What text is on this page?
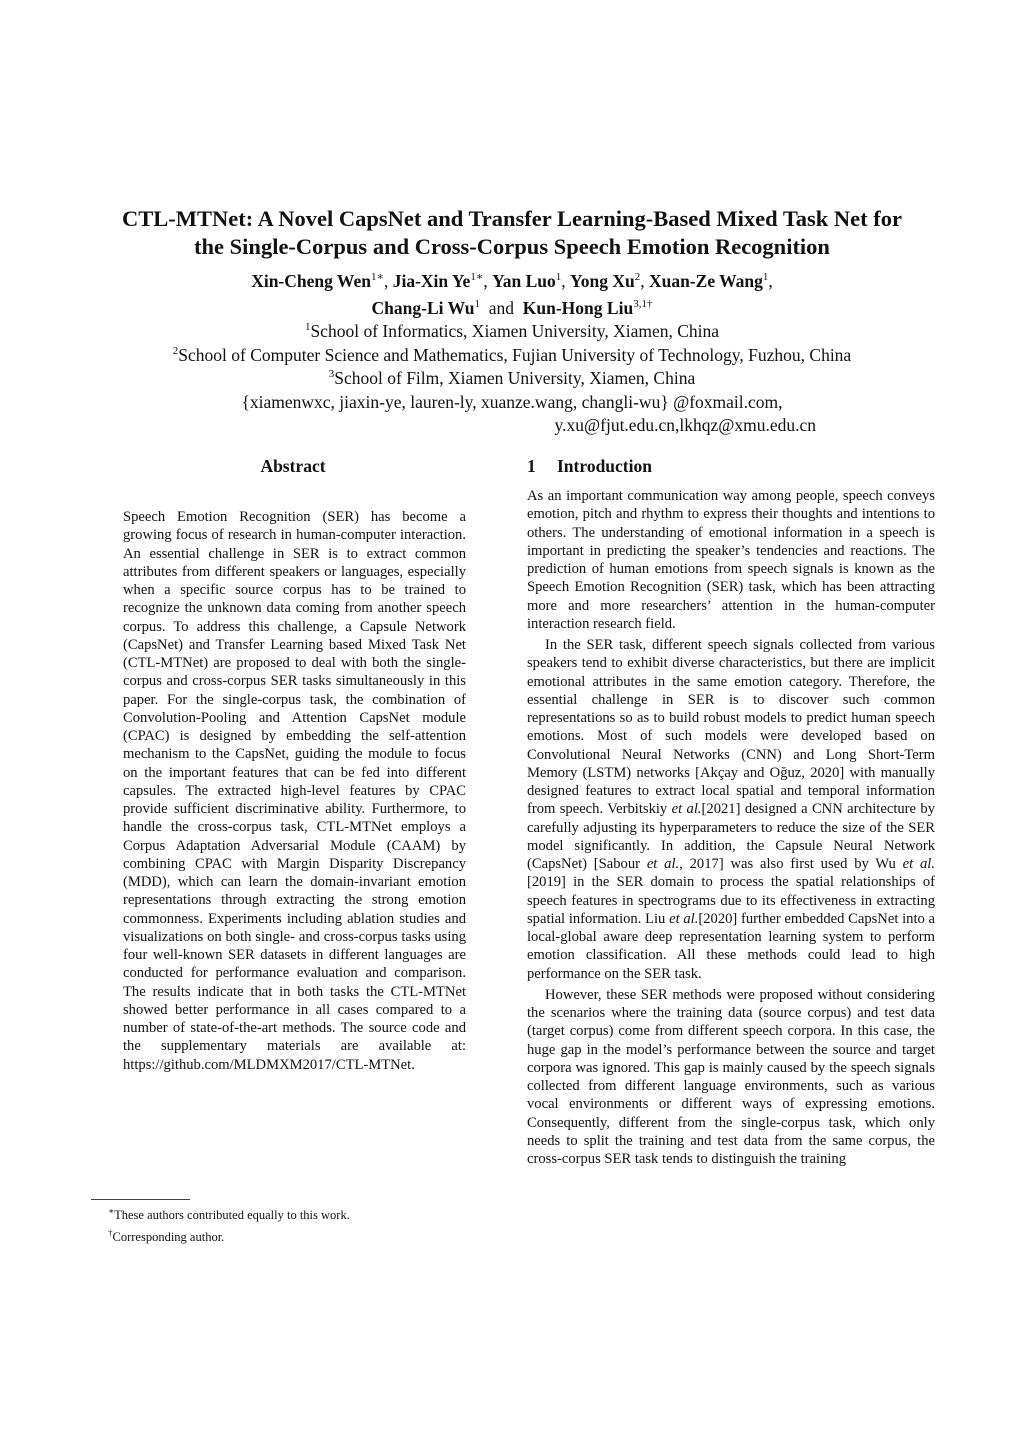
CTL-MTNet: A Novel CapsNet and Transfer Learning-Based Mixed Task Net for
the Single-Corpus and Cross-Corpus Speech Emotion Recognition
Xin-Cheng Wen$^{1∗}$, Jia-Xin $Ye^{1∗}$, Yan Luo$^1$, Yong Xu$^2$, Xuan-Ze Wang$^1$,
Chang-Li Wu$^1$ and Kun-Hong Liu$^{3,1\dagger}$
$^1$School of Informatics, Xiamen University, Xiamen, China
$^2$School of Computer Science and Mathematics, Fujian University of Technology, Fuzhou, China
$^3$School of Film, Xiamen University, Xiamen, China
{xiamenwxc, jiaxin-ye, lauren-ly, xuanze.wang, changli-wu} @foxmail.com,
y.xu@fjut.edu.cn,lkhqz@xmu.edu.cn
Abstract
Speech Emotion Recognition (SER) has become a growing focus of research in human-computer interaction. An essential challenge in SER is to extract common attributes from different speakers or languages, especially when a specific source corpus has to be trained to recognize the unknown data coming from another speech corpus. To address this challenge, a Capsule Network (CapsNet) and Transfer Learning based Mixed Task Net (CTL-MTNet) are proposed to deal with both the single-corpus and cross-corpus SER tasks simultaneously in this paper. For the single-corpus task, the combination of Convolution-Pooling and Attention CapsNet module (CPAC) is designed by embedding the self-attention mechanism to the CapsNet, guiding the module to focus on the important features that can be fed into different capsules. The extracted high-level features by CPAC provide sufficient discriminative ability. Furthermore, to handle the cross-corpus task, CTL-MTNet employs a Corpus Adaptation Adversarial Module (CAAM) by combining CPAC with Margin Disparity Discrepancy (MDD), which can learn the domain-invariant emotion representations through extracting the strong emotion commonness. Experiments including ablation studies and visualizations on both single- and cross-corpus tasks using four well-known SER datasets in different languages are conducted for performance evaluation and comparison. The results indicate that in both tasks the CTL-MTNet showed better performance in all cases compared to a number of state-of-the-art methods. The source code and the supplementary materials are available at: https://github.com/MLDMXM2017/CTL-MTNet.
1 Introduction

As an important communication way among people, speech conveys emotion, pitch and rhythm to express their thoughts and intentions to others. The understanding of emotional information in a speech is important in predicting the speaker’s tendencies and reactions. The prediction of human emotions from speech signals is known as the Speech Emotion Recognition (SER) task, which has been attracting more and more researchers’ attention in the human-computer interaction research field.

In the SER task, different speech signals collected from various speakers tend to exhibit diverse characteristics, but there are implicit emotional attributes in the same emotion category. Therefore, the essential challenge in SER is to discover such common representations so as to build robust models to predict human speech emotions. Most of such models were developed based on Convolutional Neural Networks (CNN) and Long Short-Term Memory (LSTM) networks [Akçay and Oğuz, 2020] with manually designed features to extract local spatial and temporal information from speech. Verbitskiy et al.[2021] designed a CNN architecture by carefully adjusting its hyperparameters to reduce the size of the SER model significantly. In addition, the Capsule Neural Network (CapsNet) [Sabour et al., 2017] was also first used by Wu et al.[2019] in the SER domain to process the spatial relationships of speech features in spectrograms due to its effectiveness in extracting spatial information. Liu et al.[2020] further embedded CapsNet into a local-global aware deep representation learning system to perform emotion classification. All these methods could lead to high performance on the SER task.

However, these SER methods were proposed without considering the scenarios where the training data (source corpus) and test data (target corpus) come from different speech corpora. In this case, the huge gap in the model’s performance between the source and target corpora was ignored. This gap is mainly caused by the speech signals collected from different language environments, such as various vocal environments or different ways of expressing emotions. Consequently, different from the single-corpus task, which only needs to split the training and test data from the same corpus, the cross-corpus SER task tends to distinguish the training

∗These authors contributed equally to this work.
†Corresponding author.
